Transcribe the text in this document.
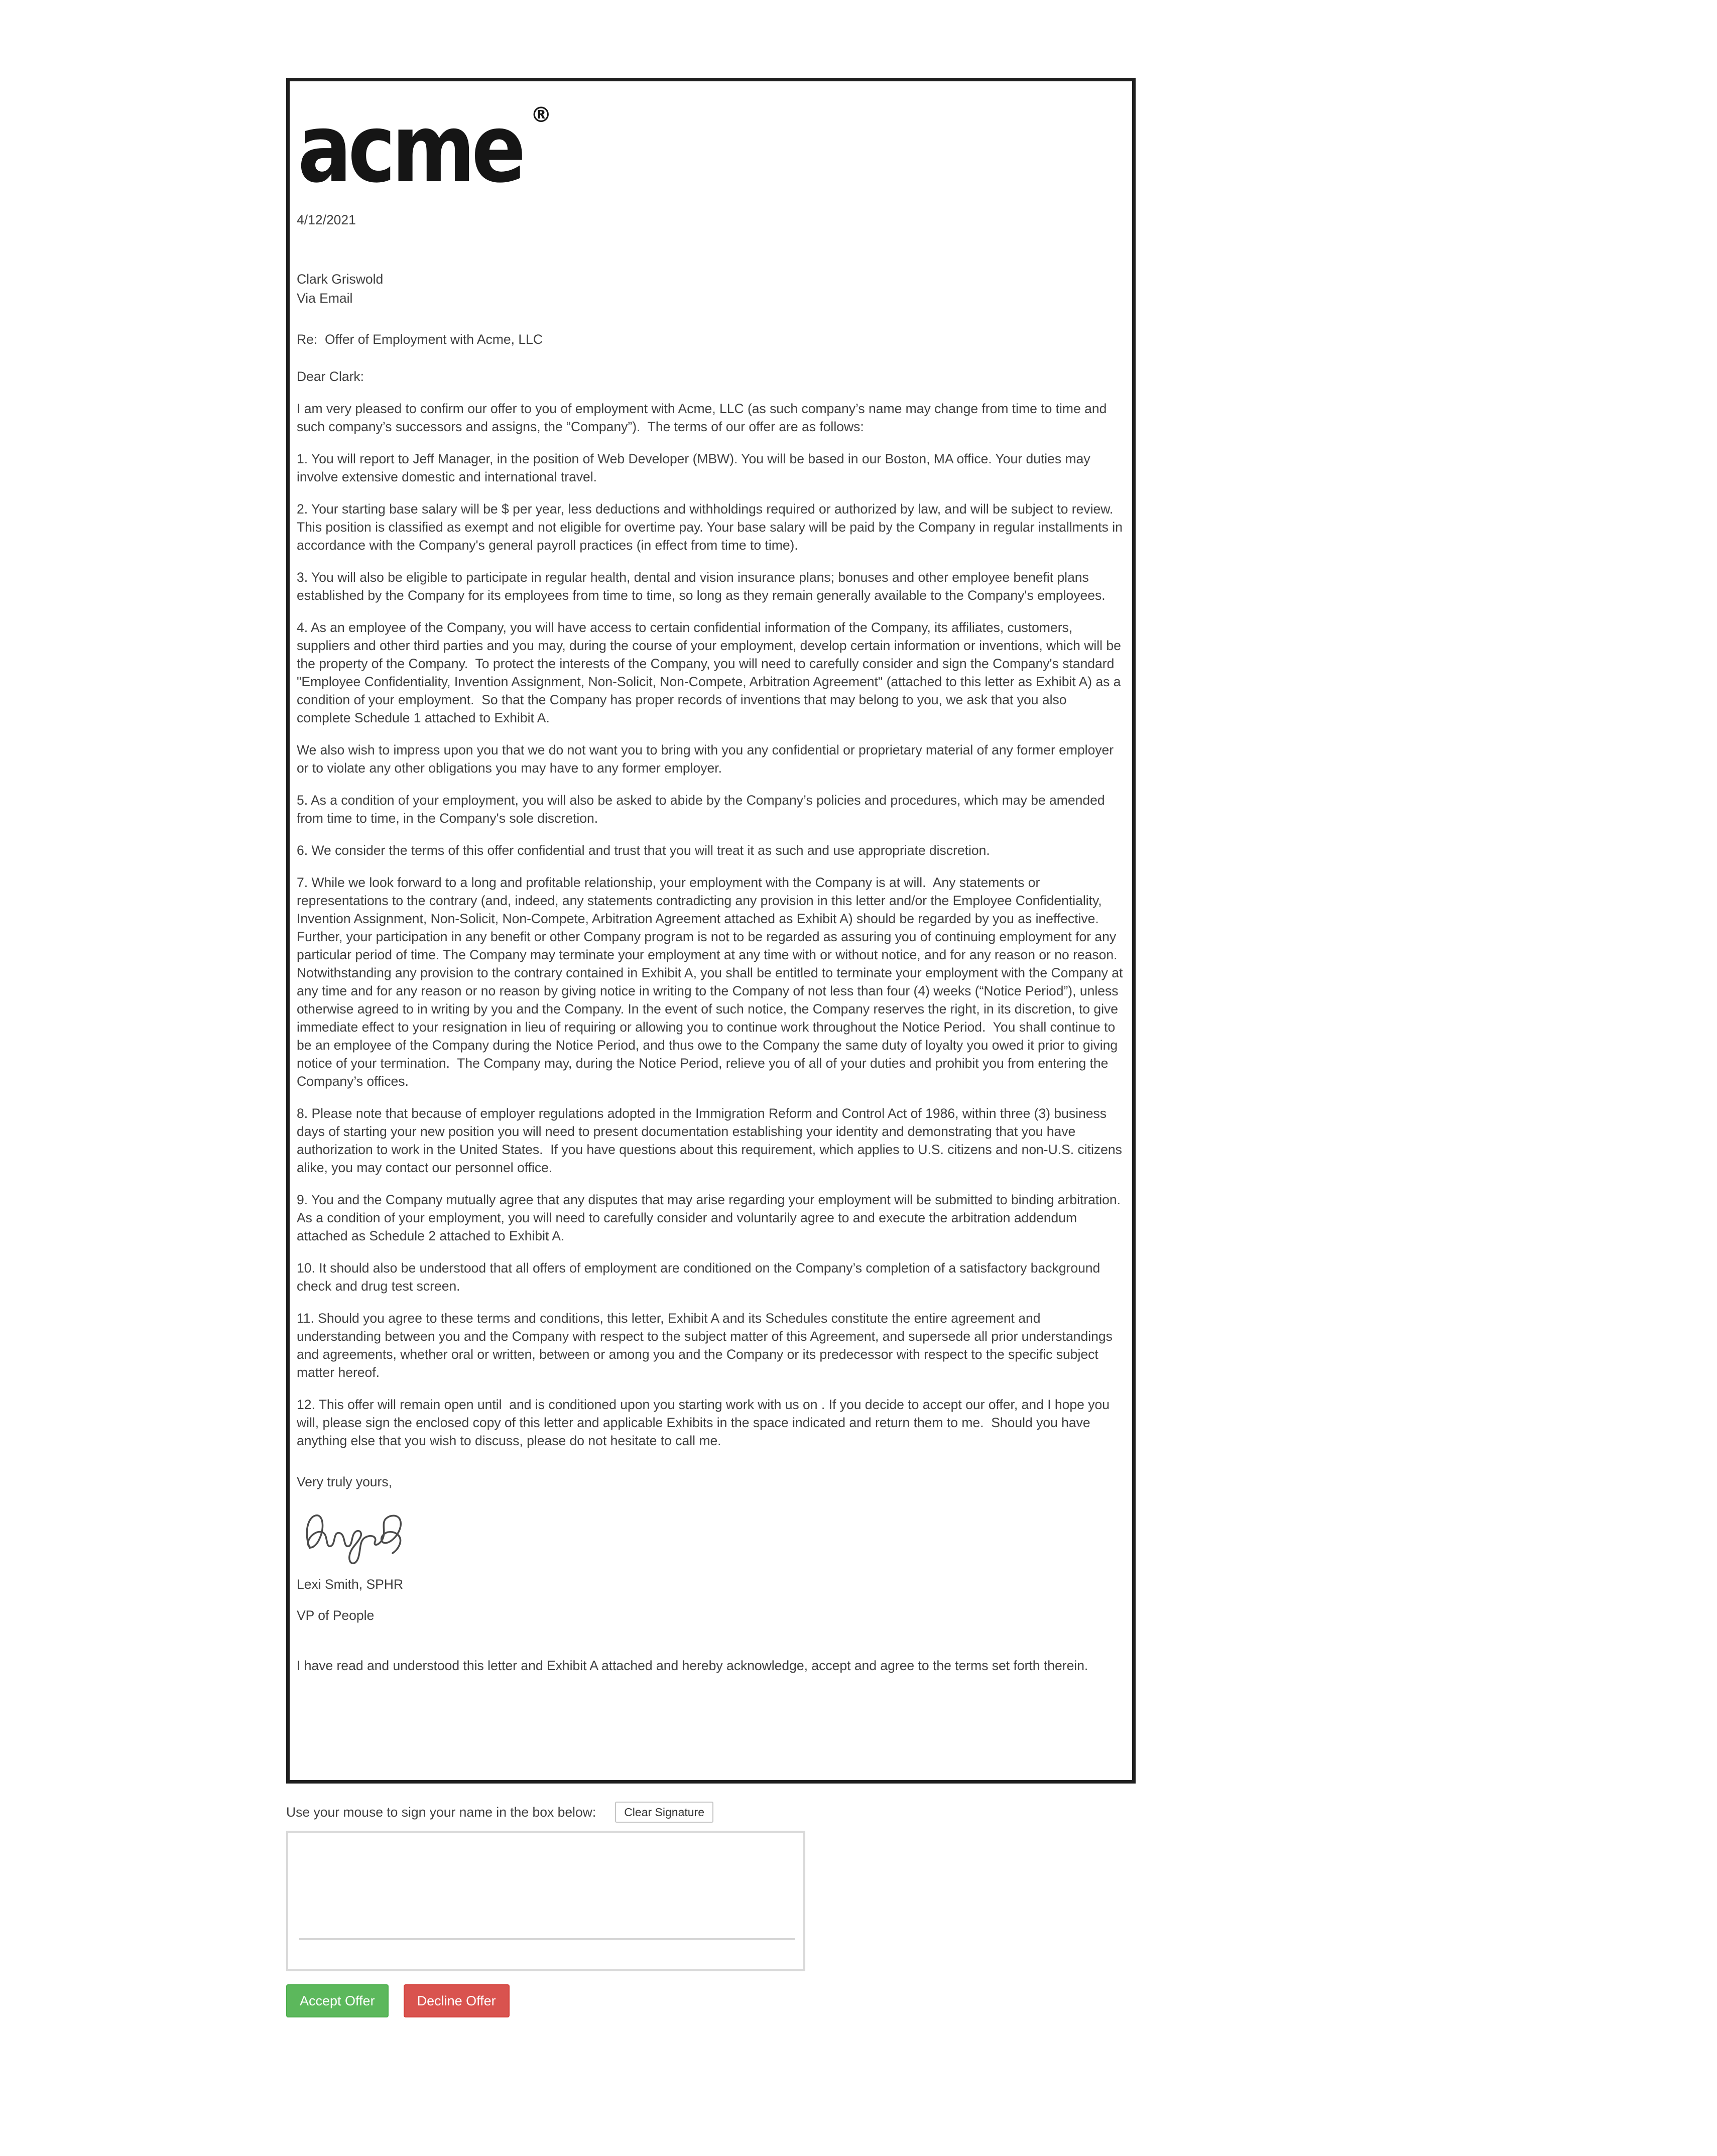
acme ®
4/12/2021
Clark Griswold
Via Email
Re:  Offer of Employment with Acme, LLC
Dear Clark:

I am very pleased to confirm our offer to you of employment with Acme, LLC (as such company’s name may change from time to time and such company’s successors and assigns, the “Company”).  The terms of our offer are as follows:

1. You will report to Jeff Manager, in the position of Web Developer (MBW). You will be based in our Boston, MA office. Your duties may involve extensive domestic and international travel.

2. Your starting base salary will be $ per year, less deductions and withholdings required or authorized by law, and will be subject to review. This position is classified as exempt and not eligible for overtime pay. Your base salary will be paid by the Company in regular installments in accordance with the Company's general payroll practices (in effect from time to time).

3. You will also be eligible to participate in regular health, dental and vision insurance plans; bonuses and other employee benefit plans established by the Company for its employees from time to time, so long as they remain generally available to the Company's employees.

4. As an employee of the Company, you will have access to certain confidential information of the Company, its affiliates, customers, suppliers and other third parties and you may, during the course of your employment, develop certain information or inventions, which will be the property of the Company.  To protect the interests of the Company, you will need to carefully consider and sign the Company's standard "Employee Confidentiality, Invention Assignment, Non-Solicit, Non-Compete, Arbitration Agreement" (attached to this letter as Exhibit A) as a condition of your employment.  So that the Company has proper records of inventions that may belong to you, we ask that you also complete Schedule 1 attached to Exhibit A.

We also wish to impress upon you that we do not want you to bring with you any confidential or proprietary material of any former employer or to violate any other obligations you may have to any former employer.

5. As a condition of your employment, you will also be asked to abide by the Company’s policies and procedures, which may be amended from time to time, in the Company's sole discretion.

6. We consider the terms of this offer confidential and trust that you will treat it as such and use appropriate discretion.

7. While we look forward to a long and profitable relationship, your employment with the Company is at will.  Any statements or representations to the contrary (and, indeed, any statements contradicting any provision in this letter and/or the Employee Confidentiality, Invention Assignment, Non-Solicit, Non-Compete, Arbitration Agreement attached as Exhibit A) should be regarded by you as ineffective.  Further, your participation in any benefit or other Company program is not to be regarded as assuring you of continuing employment for any particular period of time. The Company may terminate your employment at any time with or without notice, and for any reason or no reason.  Notwithstanding any provision to the contrary contained in Exhibit A, you shall be entitled to terminate your employment with the Company at any time and for any reason or no reason by giving notice in writing to the Company of not less than four (4) weeks (“Notice Period”), unless otherwise agreed to in writing by you and the Company. In the event of such notice, the Company reserves the right, in its discretion, to give immediate effect to your resignation in lieu of requiring or allowing you to continue work throughout the Notice Period.  You shall continue to be an employee of the Company during the Notice Period, and thus owe to the Company the same duty of loyalty you owed it prior to giving notice of your termination.  The Company may, during the Notice Period, relieve you of all of your duties and prohibit you from entering the Company’s offices.

8. Please note that because of employer regulations adopted in the Immigration Reform and Control Act of 1986, within three (3) business days of starting your new position you will need to present documentation establishing your identity and demonstrating that you have authorization to work in the United States.  If you have questions about this requirement, which applies to U.S. citizens and non-U.S. citizens alike, you may contact our personnel office.

9. You and the Company mutually agree that any disputes that may arise regarding your employment will be submitted to binding arbitration.  As a condition of your employment, you will need to carefully consider and voluntarily agree to and execute the arbitration addendum attached as Schedule 2 attached to Exhibit A.

10. It should also be understood that all offers of employment are conditioned on the Company’s completion of a satisfactory background check and drug test screen.

11. Should you agree to these terms and conditions, this letter, Exhibit A and its Schedules constitute the entire agreement and understanding between you and the Company with respect to the subject matter of this Agreement, and supersede all prior understandings and agreements, whether oral or written, between or among you and the Company or its predecessor with respect to the specific subject matter hereof.

12. This offer will remain open until  and is conditioned upon you starting work with us on . If you decide to accept our offer, and I hope you will, please sign the enclosed copy of this letter and applicable Exhibits in the space indicated and return them to me.  Should you have anything else that you wish to discuss, please do not hesitate to call me.

Very truly yours,
Lexi Smith, SPHR
VP of People

I have read and understood this letter and Exhibit A attached and hereby acknowledge, accept and agree to the terms set forth therein.

Use your mouse to sign your name in the box below:	Clear Signature
Accept Offer	Decline Offer
